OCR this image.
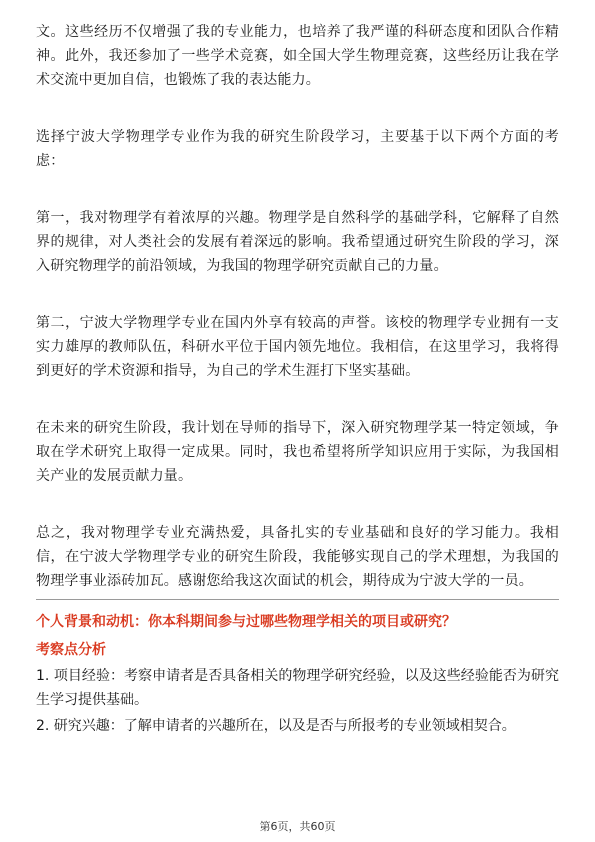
文。这些经历不仅增强了我的专业能力，也培养了我严谨的科研态度和团队合作精神。此外，我还参加了一些学术竞赛，如全国大学生物理竞赛，这些经历让我在学术交流中更加自信，也锻炼了我的表达能力。

选择宁波大学物理学专业作为我的研究生阶段学习，主要基于以下两个方面的考虑：

第一，我对物理学有着浓厚的兴趣。物理学是自然科学的基础学科，它解释了自然界的规律，对人类社会的发展有着深远的影响。我希望通过研究生阶段的学习，深入研究物理学的前沿领域，为我国的物理学研究贡献自己的力量。

第二，宁波大学物理学专业在国内外享有较高的声誉。该校的物理学专业拥有一支实力雄厚的教师队伍，科研水平位于国内领先地位。我相信，在这里学习，我将得到更好的学术资源和指导，为自己的学术生涯打下坚实基础。

在未来的研究生阶段，我计划在导师的指导下，深入研究物理学某一特定领域，争取在学术研究上取得一定成果。同时，我也希望将所学知识应用于实际，为我国相关产业的发展贡献力量。

总之，我对物理学专业充满热爱，具备扎实的专业基础和良好的学习能力。我相信，在宁波大学物理学专业的研究生阶段，我能够实现自己的学术理想，为我国的物理学事业添砖加瓦。感谢您给我这次面试的机会，期待成为宁波大学的一员。

个人背景和动机：你本科期间参与过哪些物理学相关的项目或研究？

考察点分析

1. 项目经验：考察申请者是否具备相关的物理学研究经验，以及这些经验能否为研究生学习提供基础。

2. 研究兴趣：了解申请者的兴趣所在，以及是否与所报考的专业领域相契合。

第6页，共60页
